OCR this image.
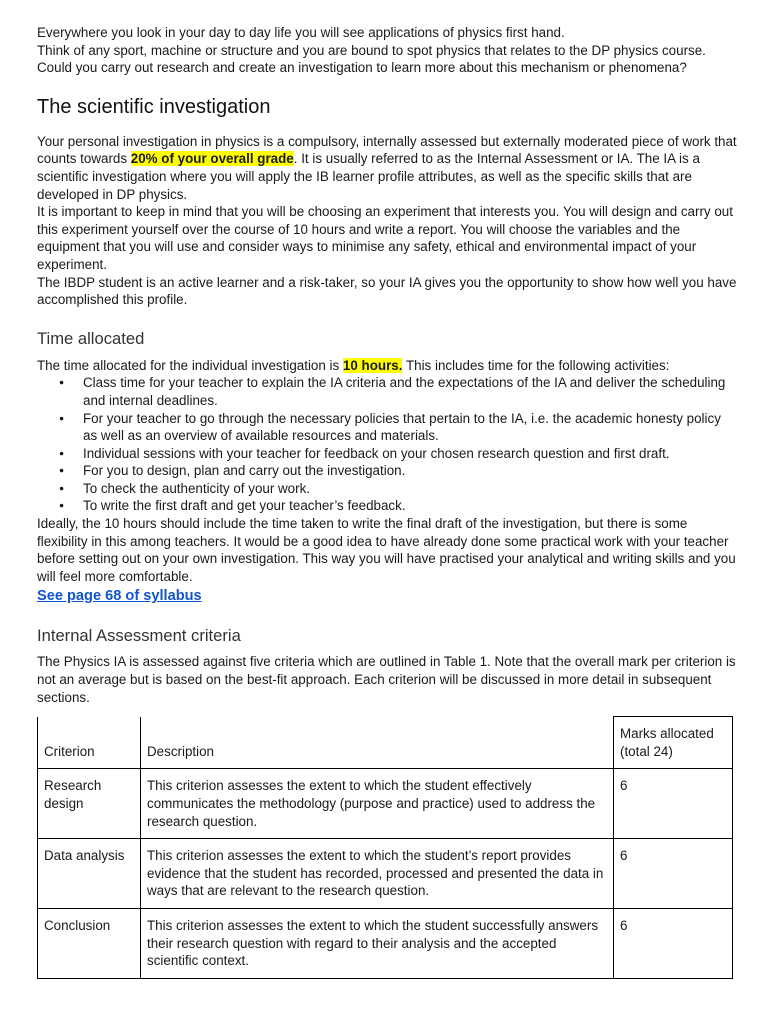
Everywhere you look in your day to day life you will see applications of physics first hand.

Think of any sport, machine or structure and you are bound to spot physics that relates to the DP physics course. Could you carry out research and create an investigation to learn more about this mechanism or phenomena?

The scientific investigation

Your personal investigation in physics is a compulsory, internally assessed but externally moderated piece of work that counts towards 20% of your overall grade. It is usually referred to as the Internal Assessment or IA. The IA is a scientific investigation where you will apply the IB learner profile attributes, as well as the specific skills that are developed in DP physics.

It is important to keep in mind that you will be choosing an experiment that interests you. You will design and carry out this experiment yourself over the course of 10 hours and write a report. You will choose the variables and the equipment that you will use and consider ways to minimise any safety, ethical and environmental impact of your experiment.

The IBDP student is an active learner and a risk-taker, so your IA gives you the opportunity to show how well you have accomplished this profile.

Time allocated

The time allocated for the individual investigation is 10 hours. This includes time for the following activities:

● Class time for your teacher to explain the IA criteria and the expectations of the IA and deliver the scheduling and internal deadlines.
● For your teacher to go through the necessary policies that pertain to the IA, i.e. the academic honesty policy as well as an overview of available resources and materials.
● Individual sessions with your teacher for feedback on your chosen research question and first draft.
● For you to design, plan and carry out the investigation.
● To check the authenticity of your work.
● To write the first draft and get your teacher’s feedback.

Ideally, the 10 hours should include the time taken to write the final draft of the investigation, but there is some flexibility in this among teachers. It would be a good idea to have already done some practical work with your teacher before setting out on your own investigation. This way you will have practised your analytical and writing skills and you will feel more comfortable.

See page 68 of syllabus
Internal Assessment criteria

The Physics IA is assessed against five criteria which are outlined in Table 1. Note that the overall mark per criterion is not an average but is based on the best-fit approach. Each criterion will be discussed in more detail in subsequent sections.

Criterion	Description	Marks allocated (total 24)
Research design	This criterion assesses the extent to which the student effectively communicates the methodology (purpose and practice) used to address the research question.	6
Data analysis	This criterion assesses the extent to which the student’s report provides evidence that the student has recorded, processed and presented the data in ways that are relevant to the research question.	6
Conclusion	This criterion assesses the extent to which the student successfully answers their research question with regard to their analysis and the accepted scientific context.	6
